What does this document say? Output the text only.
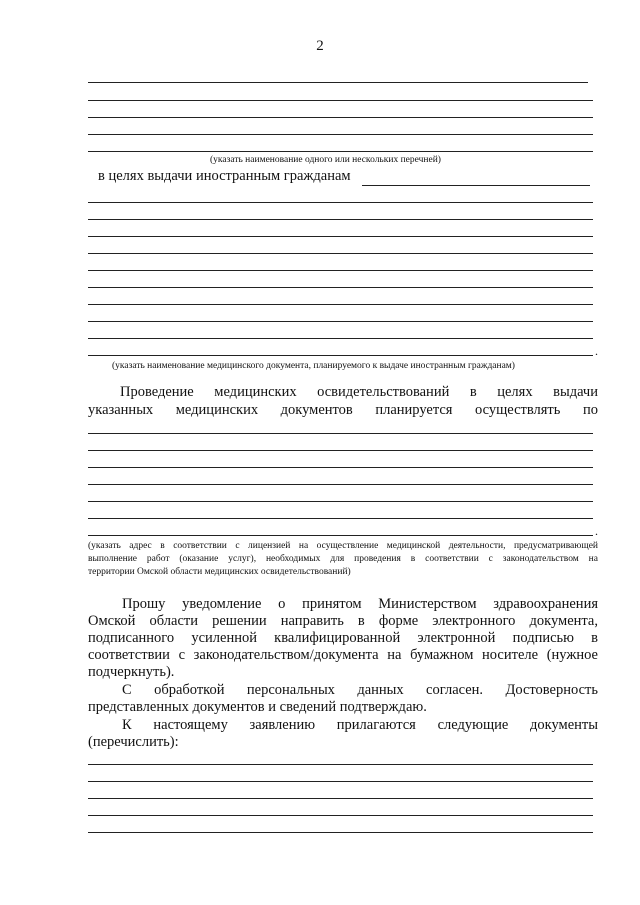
2
(указать наименование одного или нескольких перечней)
в целях выдачи иностранным гражданам
.
(указать наименование медицинского документа, планируемого к выдаче иностранным гражданам)
Проведение медицинских освидетельствований в целях выдачи
указанных медицинских документов планируется осуществлять по
.
(указать адрес в соответствии с лицензией на осуществление медицинской деятельности, предусматривающей
выполнение работ (оказание услуг), необходимых для проведения в соответствии с законодательством на
территории Омской области медицинских освидетельствований)
Прошу уведомление о принятом Министерством здравоохранения
Омской области решении направить в форме электронного документа,
подписанного усиленной квалифицированной электронной подписью в
соответствии с законодательством/документа на бумажном носителе (нужное
подчеркнуть).
С обработкой персональных данных согласен. Достоверность
представленных документов и сведений подтверждаю.
К настоящему заявлению прилагаются следующие документы
(перечислить):
